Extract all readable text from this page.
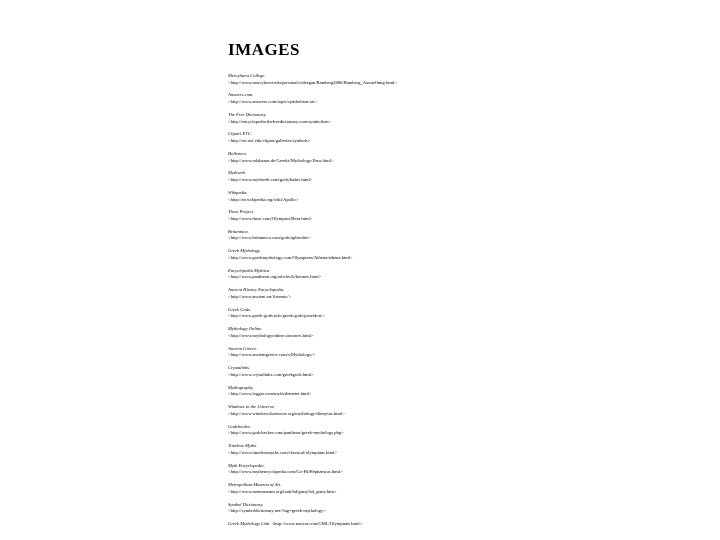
IMAGES
Mercyhurst College.
<http://www.mercyhurst.edu/personal/wdeegan/Bamberg2006/Bamberg_Ausstellung.html>
Answers.com.
<http://www.answers.com/topic/symbolism-art>
The Free Dictionary.
<http://encyclopedia.thefreedictionary.com/symbolism>
Clipart ETC.
<http://etc.usf.edu/clipart/galleries/symbols>
Hellenica.
<http://www.mlahanas.de/Greeks/Mythology/Zeus.html>
Mythweb.
<http://www.mythweb.com/gods/hades.html>
Wikipedia.
<http://en.wikipedia.org/wiki/Apollo>
Theoi Project.
<http://www.theoi.com/Olympios/Hera.html>
Britannica.
<http://www.britannica.com/gods/aphrodite>
Greek Mythology.
<http://www.greekmythology.com/Olympians/Athena/athena.html>
Encyclopedia Mythica.
<http://www.pantheon.org/articles/h/hermes.html>
Ancient History Encyclopedia.
<http://www.ancient.eu/Artemis/>
Greek Gods.
<http://www.greek-gods.info/greek-gods/poseidon/>
Mythology Online.
<http://www.mythologyonline.com/ares.html>
Ancient Greece.
<http://www.ancientgreece.com/s/Mythology/>
Crystalinks.
<http://www.crystalinks.com/greekgods.html>
Mythography.
<http://www.loggia.com/myth/demeter.html>
Windows to the Universe.
<http://www.windows2universe.org/mythology/dionysus.html>
Godchecker.
<http://www.godchecker.com/pantheon/greek-mythology.php>
Timeless Myths.
<http://www.timelessmyths.com/classical/olympians.html>
Myth Encyclopedia.
<http://www.mythencyclopedia.com/Go-Hi/Hephaestus.html>
Metropolitan Museum of Art.
<http://www.metmuseum.org/toah/hd/grmy/hd_grmy.htm>
Symbol Dictionary.
<http://symboldictionary.net/?tag=greek-mythology>
Greek Mythology Link. <http://www.maicar.com/GML/Olympians.html>
